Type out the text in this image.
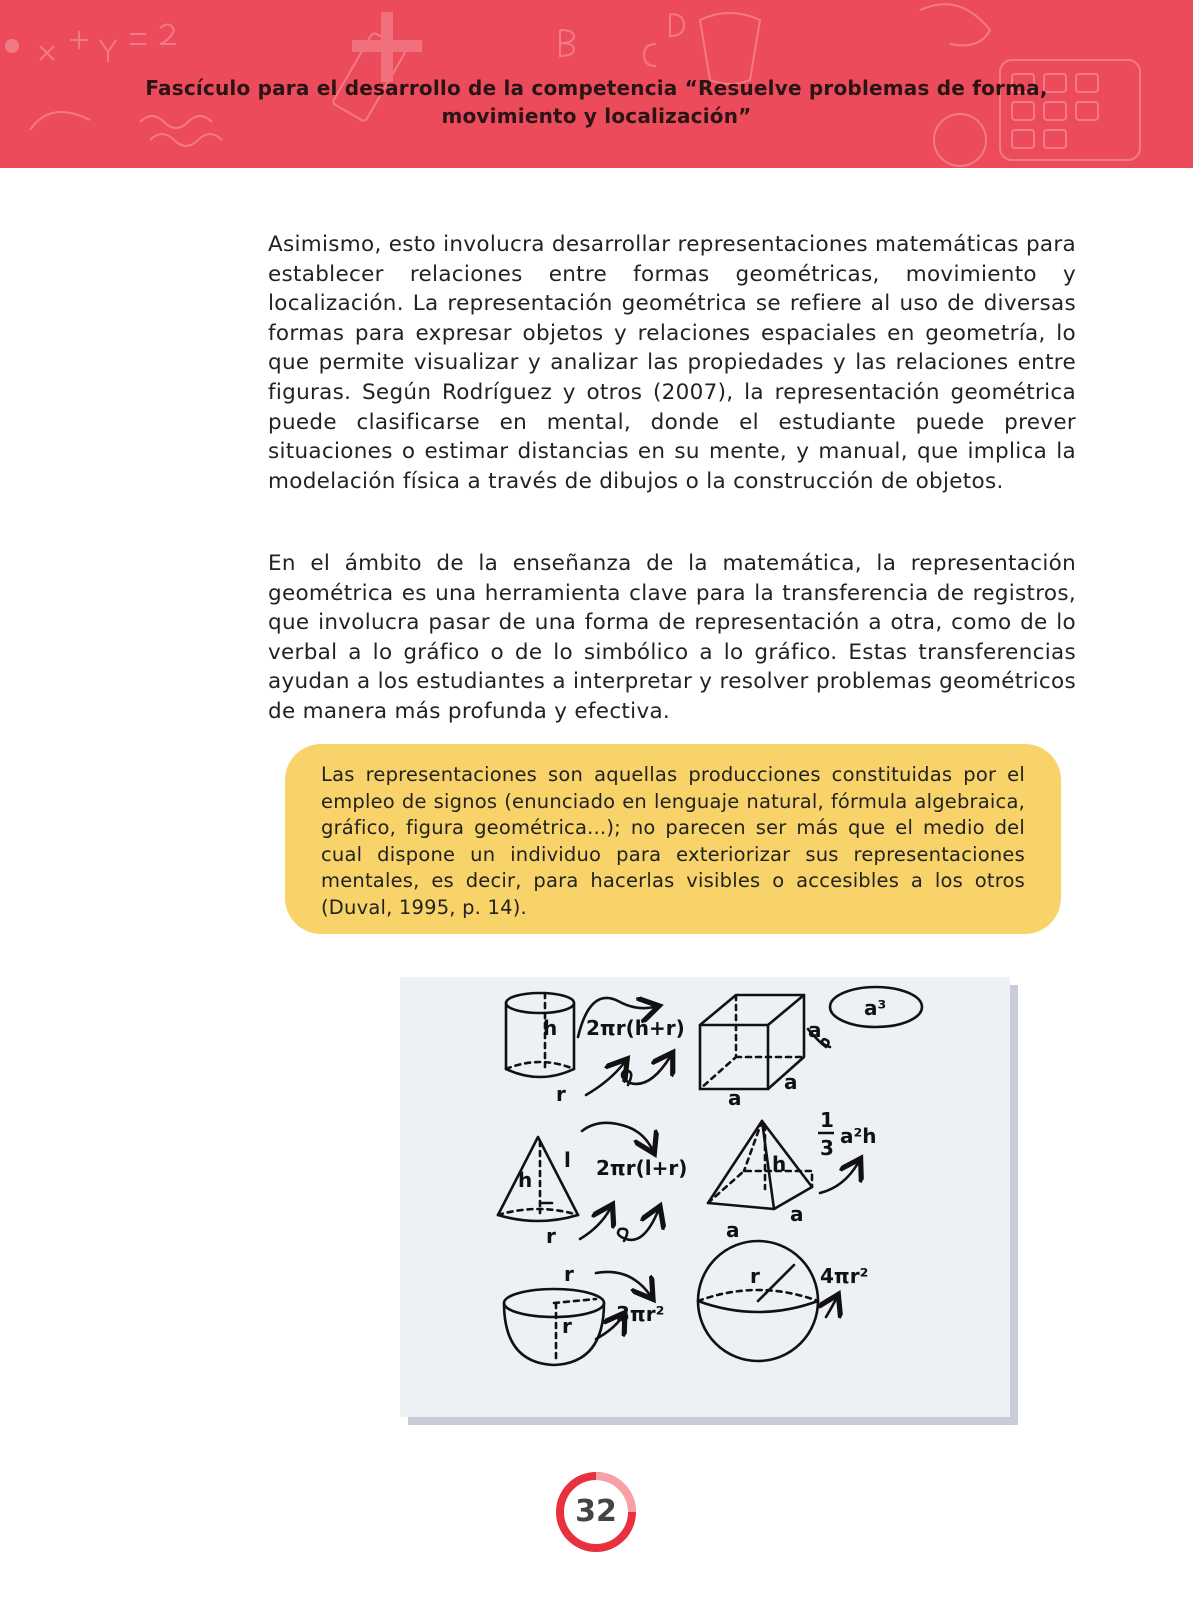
Fascículo para el desarrollo de la competencia “Resuelve problemas de forma,
movimiento y localización”

Asimismo, esto involucra desarrollar representaciones matemáticas para establecer relaciones entre formas geométricas, movimiento y localización. La representación geométrica se refiere al uso de diversas formas para expresar objetos y relaciones espaciales en geometría, lo que permite visualizar y analizar las propiedades y las relaciones entre figuras. Según Rodríguez y otros (2007), la representación geométrica puede clasificarse en mental, donde el estudiante puede prever situaciones o estimar distancias en su mente, y manual, que implica la modelación física a través de dibujos o la construcción de objetos.

En el ámbito de la enseñanza de la matemática, la representación geométrica es una herramienta clave para la transferencia de registros, que involucra pasar de una forma de representación a otra, como de lo verbal a lo gráfico o de lo simbólico a lo gráfico. Estas transferencias ayudan a los estudiantes a interpretar y resolver problemas geométricos de manera más profunda y efectiva.

Las representaciones son aquellas producciones constituidas por el empleo de signos (enunciado en lenguaje natural, fórmula algebraica, gráfico, figura geométrica...); no parecen ser más que el medio del cual dispone un individuo para exteriorizar sus representaciones mentales, es decir, para hacerlas visibles o accesibles a los otros (Duval, 1995, p. 14).

h
r
2πr(h+r)	a
a
a
a³
h
l
r
2πr(l+r)	h
a
a
1
3 a²h
r
r 3πr²
r	4πr²
32
